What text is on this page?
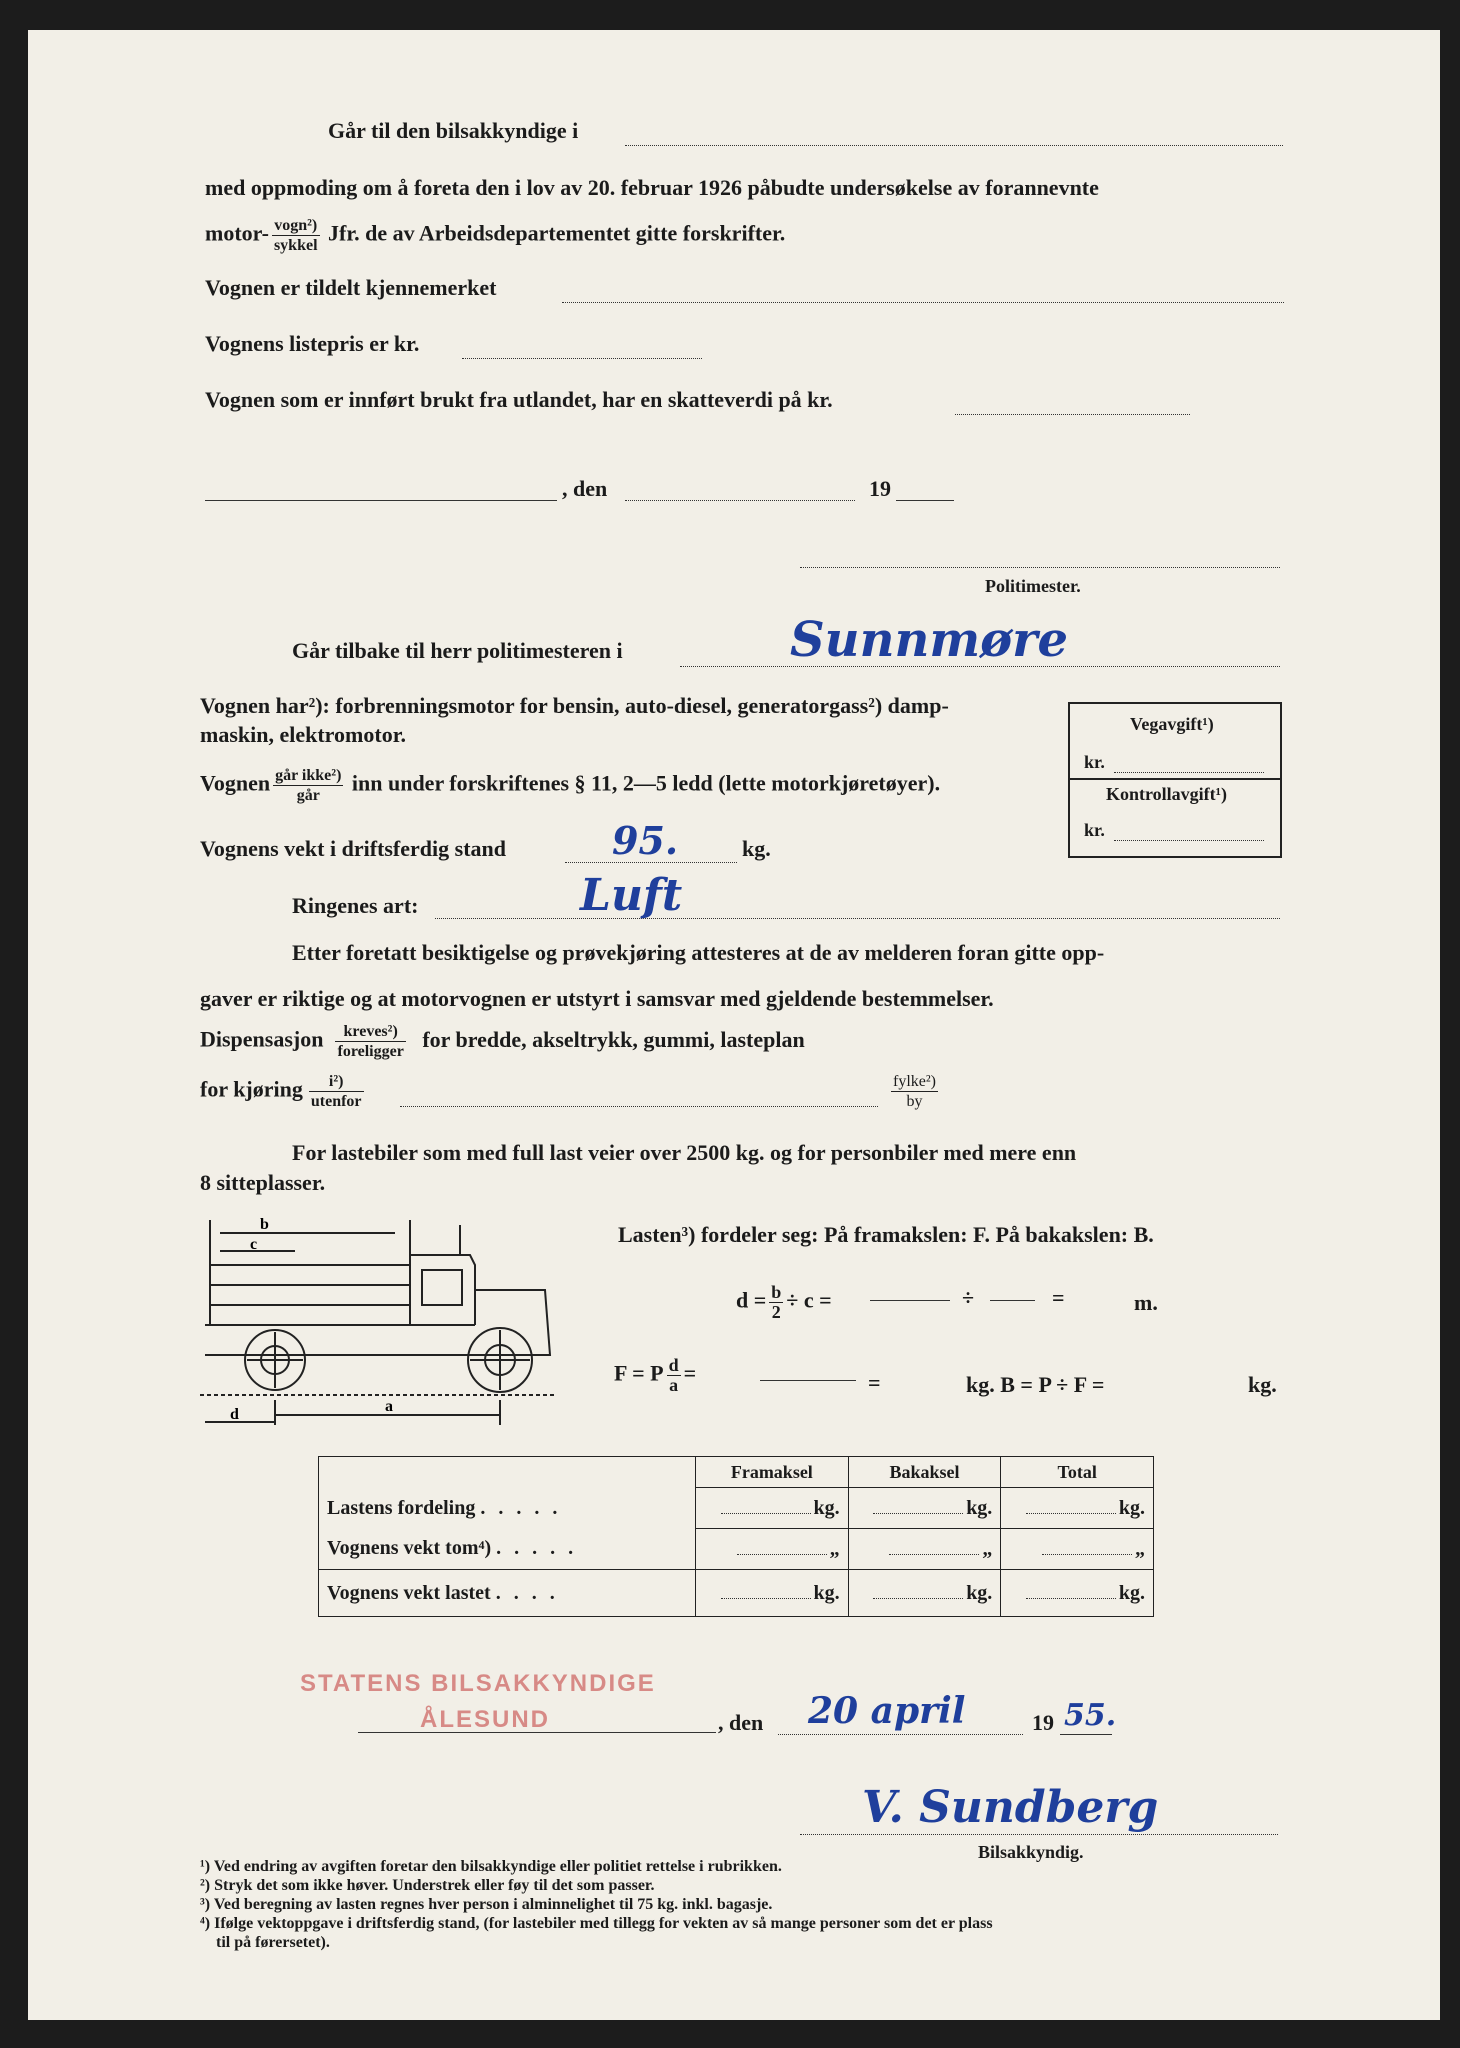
Går til den bilsakkyndige i
med oppmoding om å foreta den i lov av 20. februar 1926 påbudte undersøkelse av forannevnte
motor- $\frac{\text{vogn²)}}{\text{sykkel}}$ Jfr. de av Arbeidsdepartementet gitte forskrifter.
Vognen er tildelt kjennemerket
Vognens listepris er kr.
Vognen som er innført brukt fra utlandet, har en skatteverdi på kr.
, den	19
Politimester.
Går tilbake til herr politimesteren i	Sunnmøre
Vognen har²): forbrenningsmotor for bensin, auto-diesel, generatorgass²) damp-
maskin, elektromotor.
Vognen $\frac{\text{går ikke²)}}{\text{går}}$ inn under forskriftenes § 11, 2—5 ledd (lette motorkjøretøyer).
Vognens vekt i driftsferdig stand	95.	kg.
Ringenes art:	Luft
Vegavgift¹)
kr.
Kontrollavgift¹)
kr.
Etter foretatt besiktigelse og prøvekjøring attesteres at de av melderen foran gitte opp-
gaver er riktige og at motorvognen er utstyrt i samsvar med gjeldende bestemmelser.
Dispensasjon $\frac{\text{kreves²)}}{\text{foreligger}}$ for bredde, akseltrykk, gummi, lasteplan
for kjøring $\frac{\text{i²)}}{\text{utenfor}}$	$\frac{\text{fylke²)}}{by}$
For lastebiler som med full last veier over 2500 kg. og for personbiler med mere enn
8 sitteplasser.
Lasten³) fordeler seg: På framakslen: F. På bakakslen: B.
b
c
a
d
$d = \frac{b}{2} \div c$ =	÷	=	m.
F = P $\frac{d}{a}$ =	=	kg. B = P ÷ F =	kg.
	Framaksel	Bakaksel	Total
Lastens fordeling . . . . .	kg.	kg.	kg.
Vognens vekt tom⁴) . . . . .	„	„	„
Vognens vekt lastet . . . .	kg.	kg.	kg.
STATENS BILSAKKYNDIGE
ÅLESUND	, den 20 april	19 55.
V. Sundberg
Bilsakkyndig.
¹) Ved endring av avgiften foretar den bilsakkyndige eller politiet rettelse i rubrikken.
²) Stryk det som ikke høver. Understrek eller føy til det som passer.
³) Ved beregning av lasten regnes hver person i alminnelighet til 75 kg. inkl. bagasje.
⁴) Ifølge vektoppgave i driftsferdig stand, (for lastebiler med tillegg for vekten av så mange personer som det er plass
til på førersetet).
